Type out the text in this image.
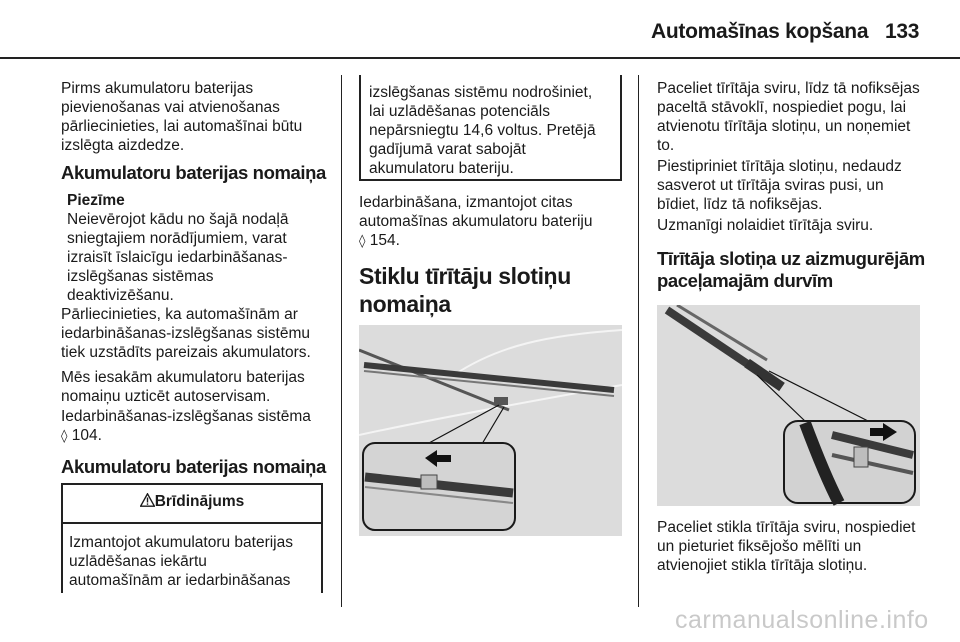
Automašīnas kopšana 133
Pirms akumulatoru baterijas
pievienošanas vai atvienošanas
pārliecinieties, lai automašīnai būtu
izslēgta aizdedze.
Akumulatoru baterijas nomaiņa
Piezīme
Neievērojot kādu no šajā nodaļā
sniegtajiem norādījumiem, varat
izraisīt īslaicīgu iedarbināšanas-
izslēgšanas sistēmas
deaktivizēšanu.
Pārliecinieties, ka automašīnām ar
iedarbināšanas-izslēgšanas sistēmu
tiek uzstādīts pareizais akumulators.
Mēs iesakām akumulatoru baterijas
nomaiņu uzticēt autoservisam.
Iedarbināšanas-izslēgšanas sistēma
◊ 104.
Akumulatoru baterijas nomaiņa
Brīdinājums
Izmantojot akumulatoru baterijas
uzlādēšanas iekārtu
automašīnām ar iedarbināšanas
izslēgšanas sistēmu nodrošiniet,
lai uzlādēšanas potenciāls
nepārsniegtu 14,6 voltus. Pretējā
gadījumā varat sabojāt
akumulatoru bateriju.
Iedarbināšana, izmantojot citas
automašīnas akumulatoru bateriju
◊ 154.
Stiklu tīrītāju slotiņu
nomaiņa
Paceliet tīrītāja sviru, līdz tā nofiksējas
paceltā stāvoklī, nospiediet pogu, lai
atvienotu tīrītāja slotiņu, un noņemiet
to.
Piestipriniet tīrītāja slotiņu, nedaudz
sasverot ut tīrītāja sviras pusi, un
bīdiet, līdz tā nofiksējas.
Uzmanīgi nolaidiet tīrītāja sviru.
Tīrītāja slotiņa uz aizmugurējām
paceļamajām durvīm
Paceliet stikla tīrītāja sviru, nospiediet
un pieturiet fiksējošo mēlīti un
atvienojiet stikla tīrītāja slotiņu.
carmanualsonline.info
